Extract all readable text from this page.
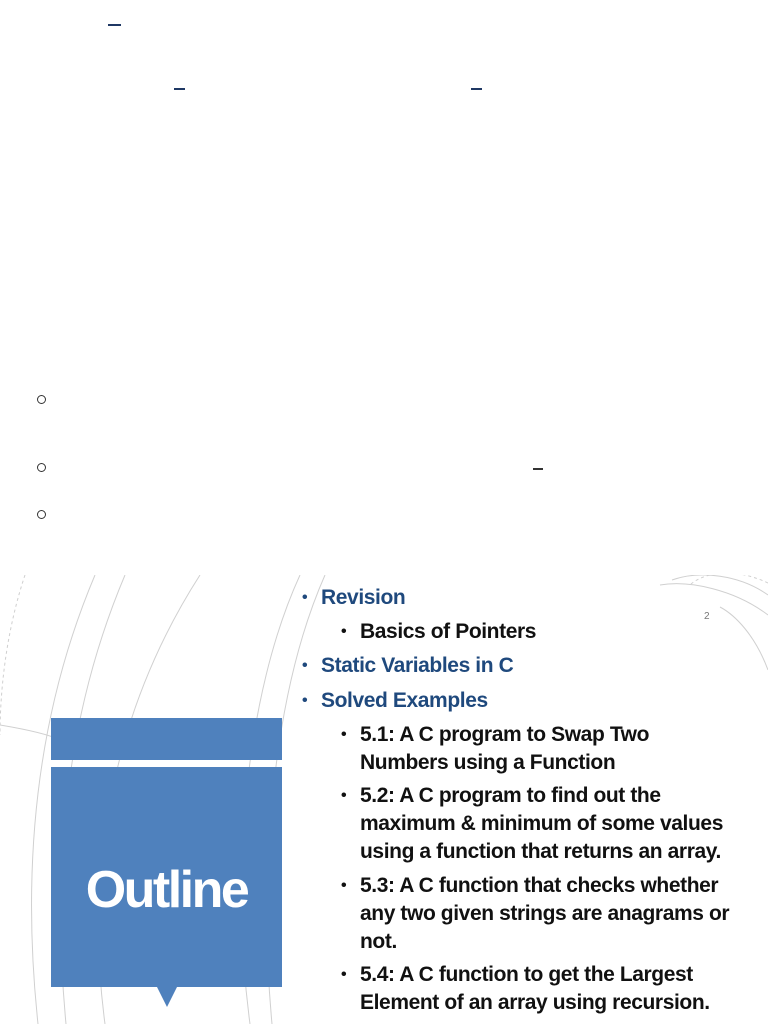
Outline
2
• Revision
• Basics of Pointers
• Static Variables in C
• Solved Examples
• 5.1: A C program to Swap Two Numbers using a Function
• 5.2: A C program to find out the maximum & minimum of some values using a function that returns an array.
• 5.3: A C function that checks whether any two given strings are anagrams or not.
• 5.4: A C function to get the Largest Element of an array using recursion.
